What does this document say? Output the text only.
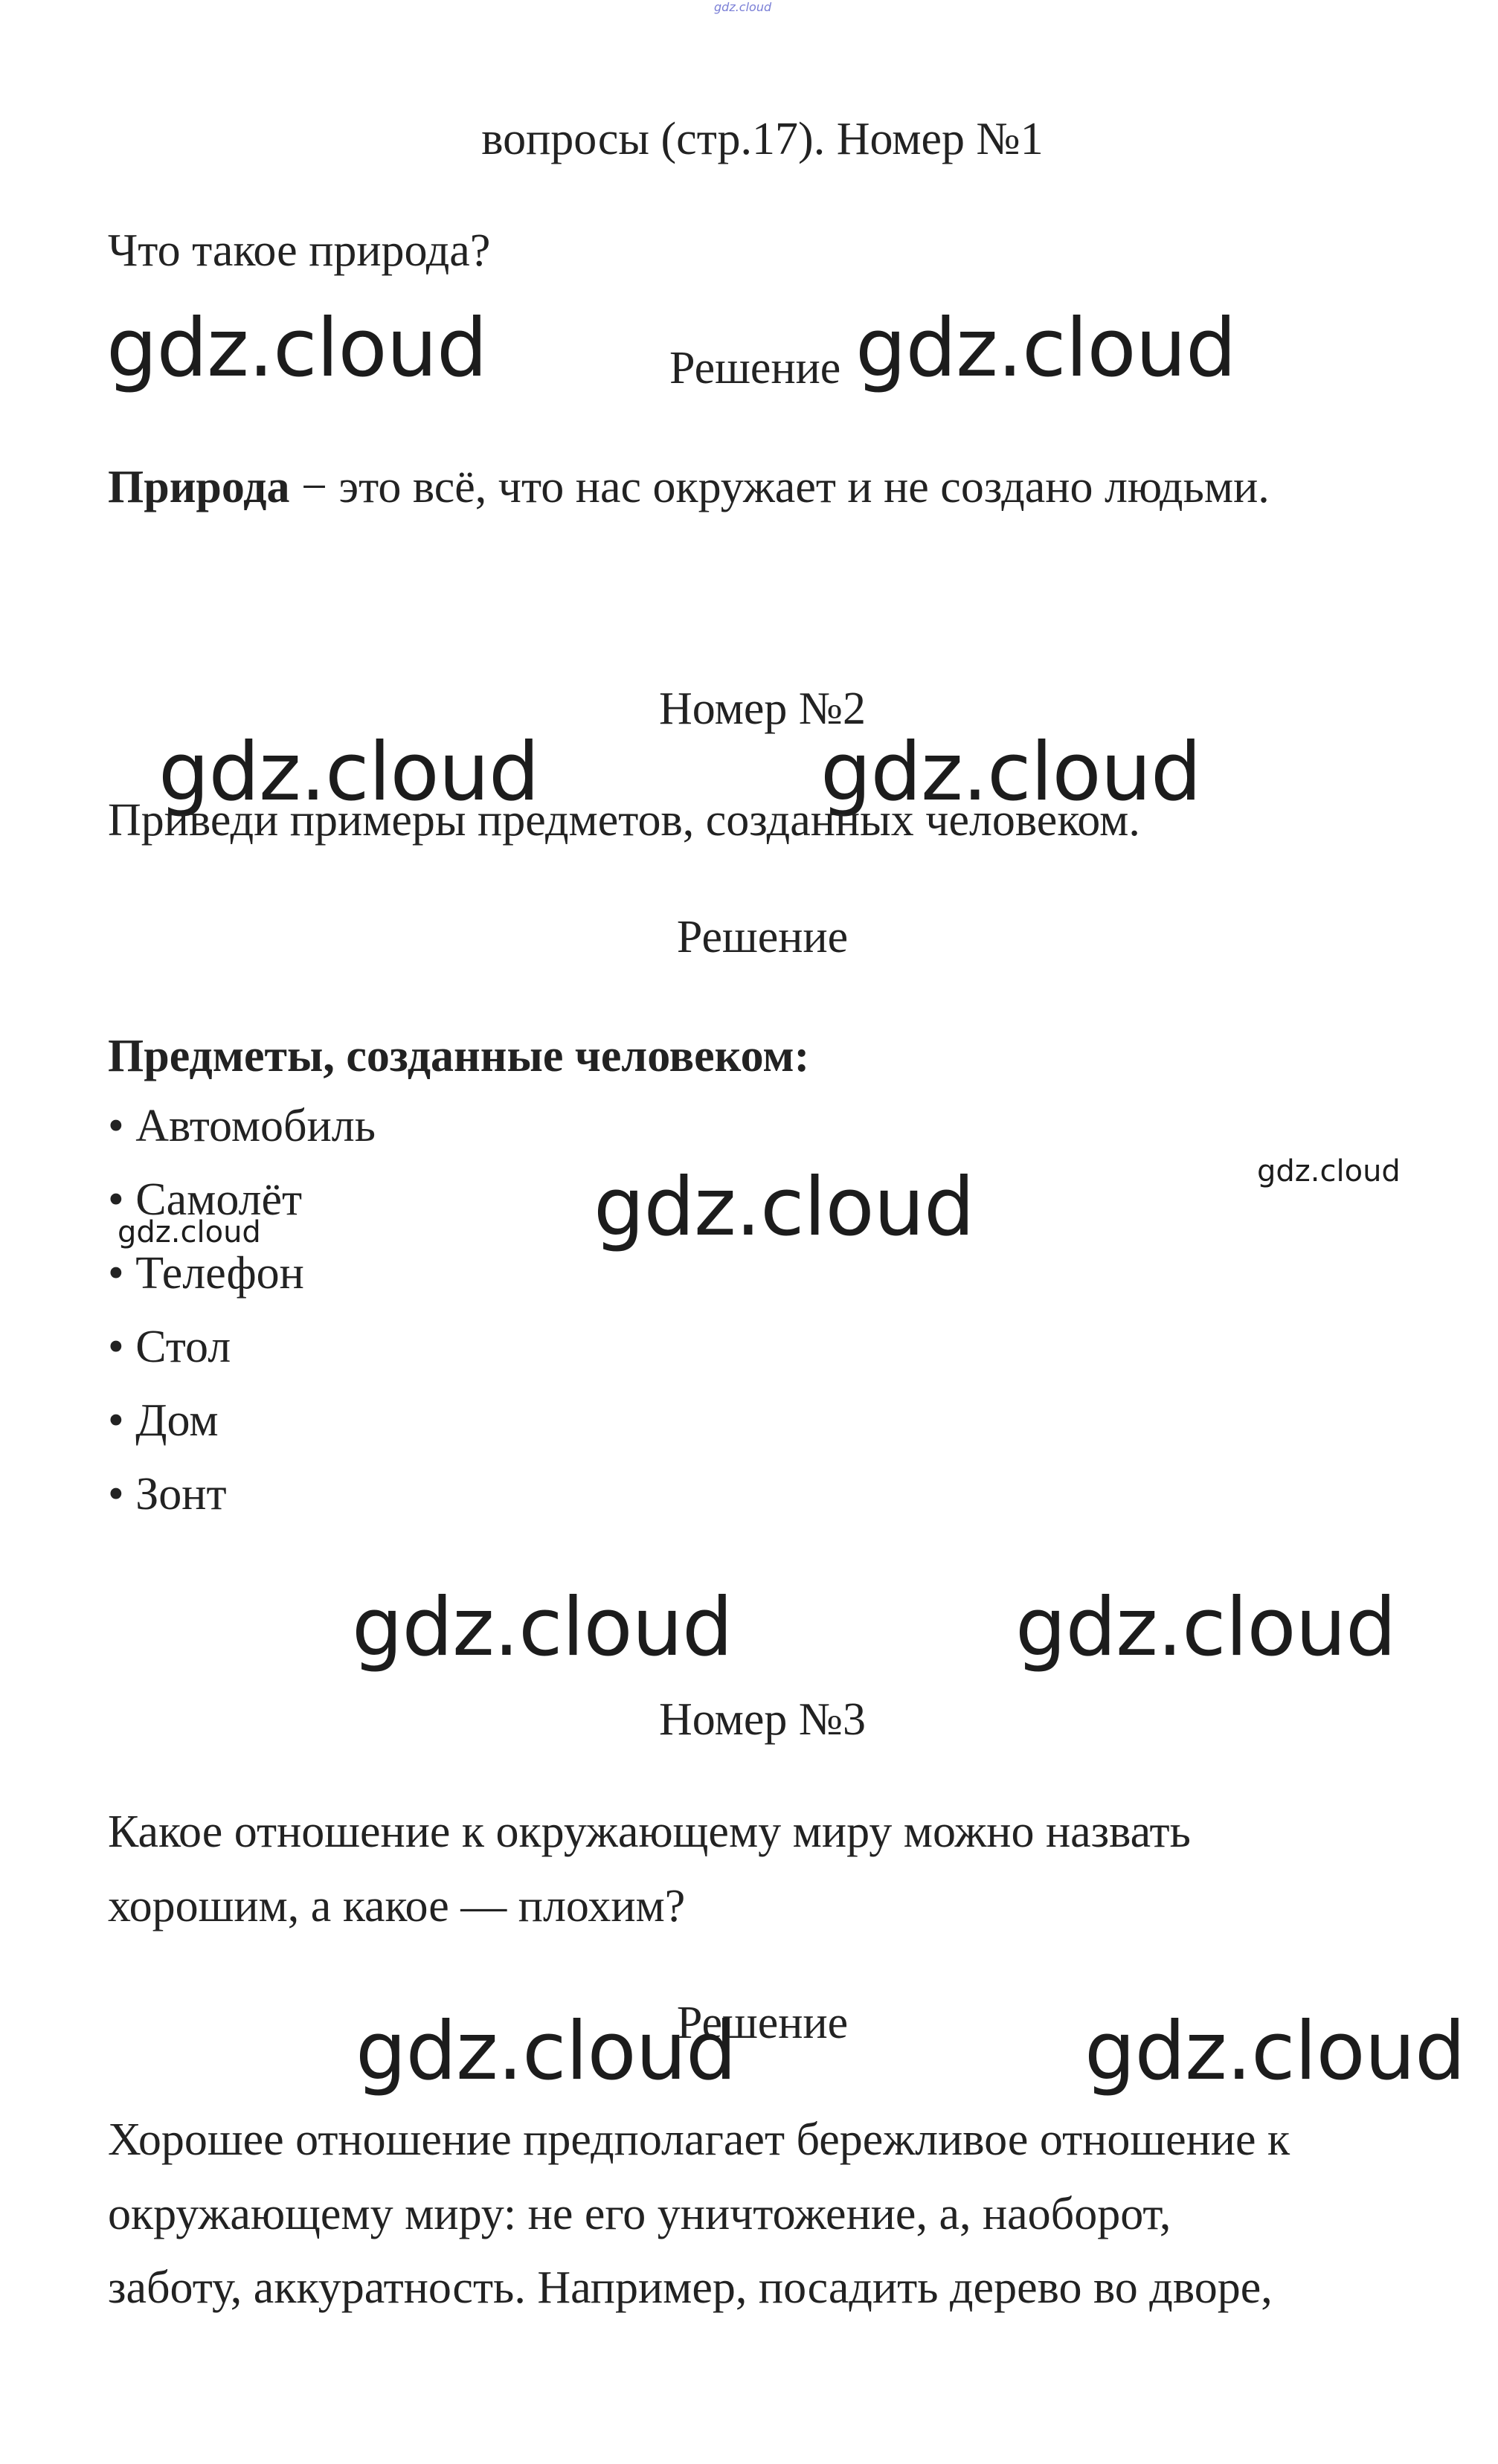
gdz.cloud
вопросы (стр.17). Номер №1
Что такое природа?
gdz.cloud	Решение gdz.cloud
Природа − это всё, что нас окружает и не создано людьми.
Номер №2
gdz.cloud	gdz.cloud
Приведи примеры предметов, созданных человеком.
Решение
Предметы, созданные человеком:
• Автомобиль
• Самолёт
• Телефон
• Стол
• Дом
• Зонт
gdz.cloud
gdz.cloud
gdz.cloud
gdz.cloud	gdz.cloud
Номер №3
Какое отношение к окружающему миру можно назвать
хорошим, а какое — плохим?
Решение
gdz.cloud	gdz.cloud
Хорошее отношение предполагает бережливое отношение к
окружающему миру: не его уничтожение, а, наоборот,
заботу, аккуратность. Например, посадить дерево во дворе,
